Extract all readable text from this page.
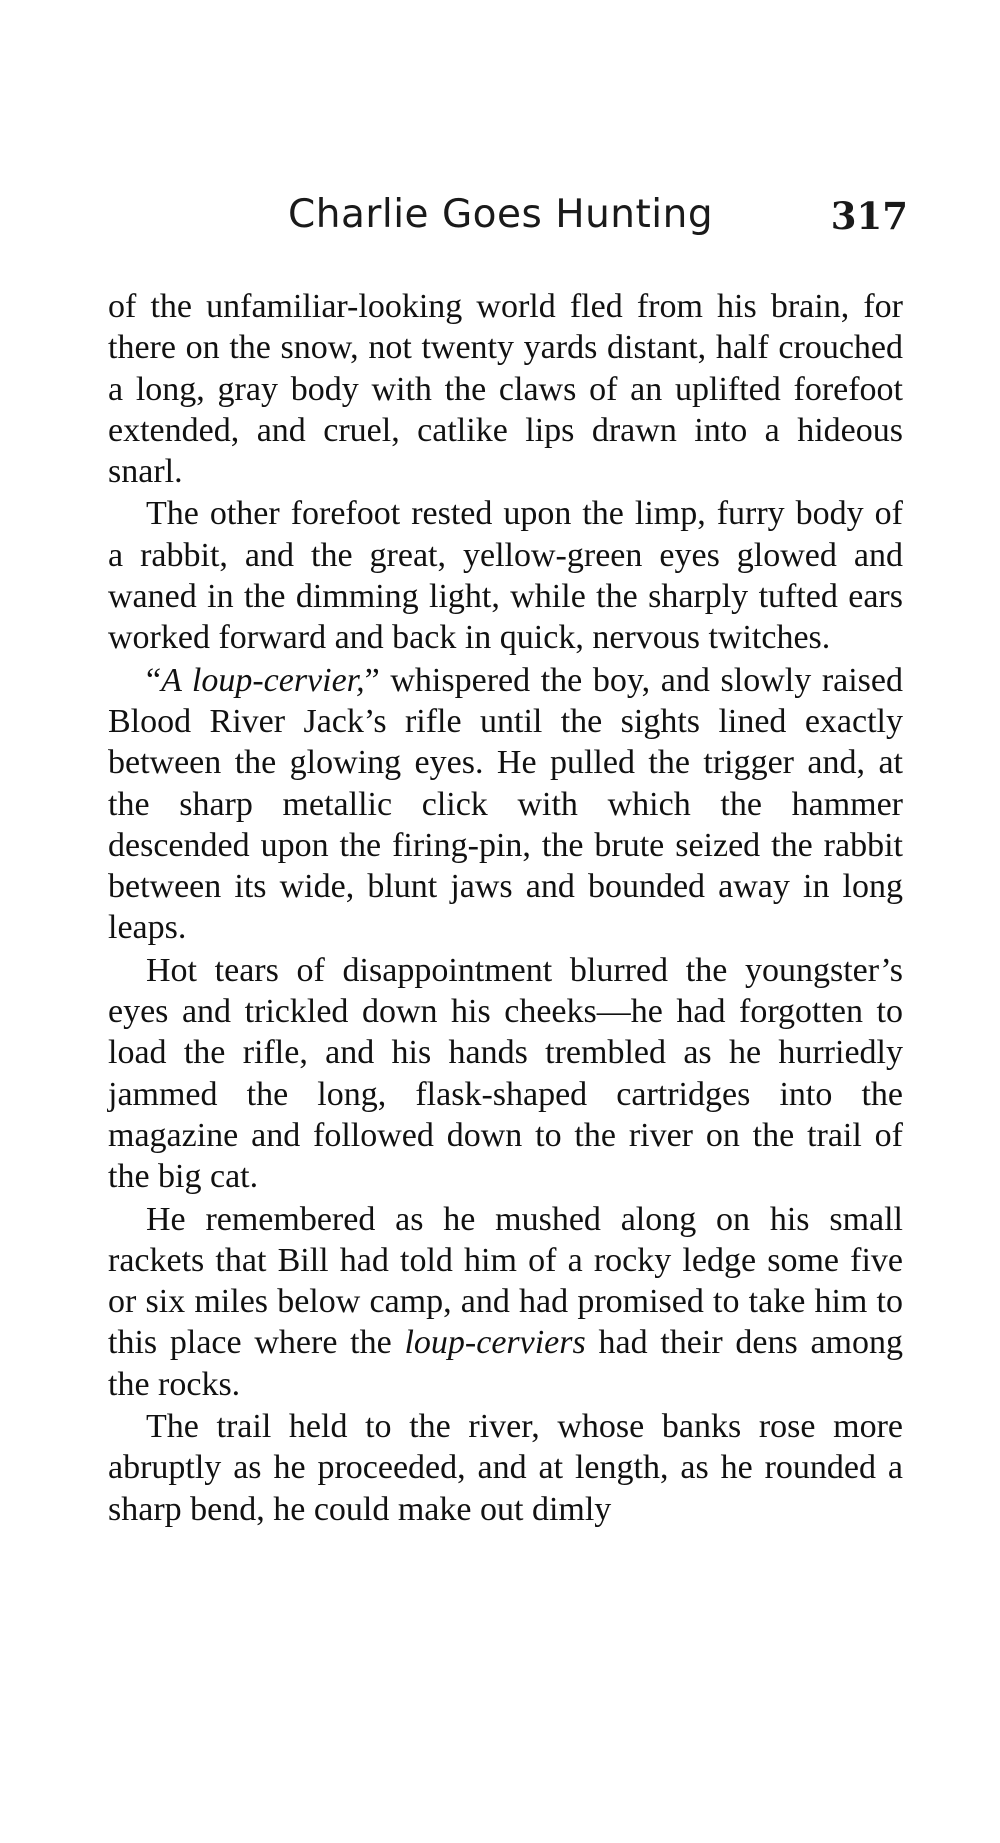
Charlie Goes Hunting	317

of the unfamiliar-looking world fled from his brain, for there on the snow, not twenty yards distant, half crouched a long, gray body with the claws of an uplifted forefoot extended, and cruel, catlike lips drawn into a hideous snarl.

The other forefoot rested upon the limp, furry body of a rabbit, and the great, yellow-green eyes glowed and waned in the dimming light, while the sharply tufted ears worked forward and back in quick, nervous twitches.

“A loup-cervier,” whispered the boy, and slowly raised Blood River Jack’s rifle until the sights lined exactly between the glowing eyes. He pulled the trigger and, at the sharp metallic click with which the hammer descended upon the firing-pin, the brute seized the rabbit between its wide, blunt jaws and bounded away in long leaps.

Hot tears of disappointment blurred the youngster’s eyes and trickled down his cheeks—he had forgotten to load the rifle, and his hands trembled as he hurriedly jammed the long, flask-shaped cartridges into the magazine and followed down to the river on the trail of the big cat.

He remembered as he mushed along on his small rackets that Bill had told him of a rocky ledge some five or six miles below camp, and had promised to take him to this place where the loup-cerviers had their dens among the rocks.

The trail held to the river, whose banks rose more abruptly as he proceeded, and at length, as he rounded a sharp bend, he could make out dimly
